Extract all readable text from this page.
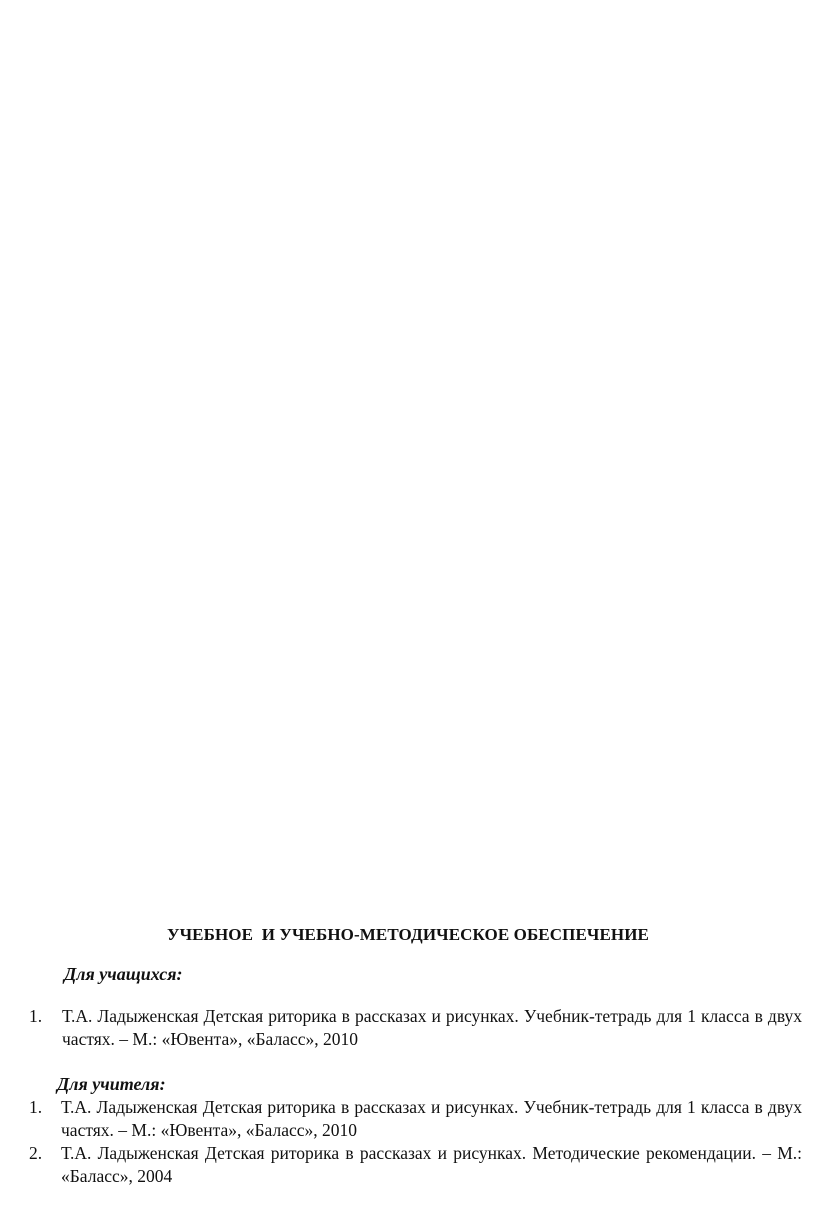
УЧЕБНОЕ  И УЧЕБНО-МЕТОДИЧЕСКОЕ ОБЕСПЕЧЕНИЕ
Для учащихся:
1. Т.А. Ладыженская Детская риторика в рассказах и рисунках. Учебник-тетрадь для 1 класса в двух частях. – М.: «Ювента», «Баласс», 2010
Для учителя:
1. Т.А. Ладыженская Детская риторика в рассказах и рисунках. Учебник-тетрадь для 1 класса в двух частях. – М.: «Ювента», «Баласс», 2010
2. Т.А. Ладыженская Детская риторика в рассказах и рисунках. Методические рекомендации. – М.: «Баласс», 2004
